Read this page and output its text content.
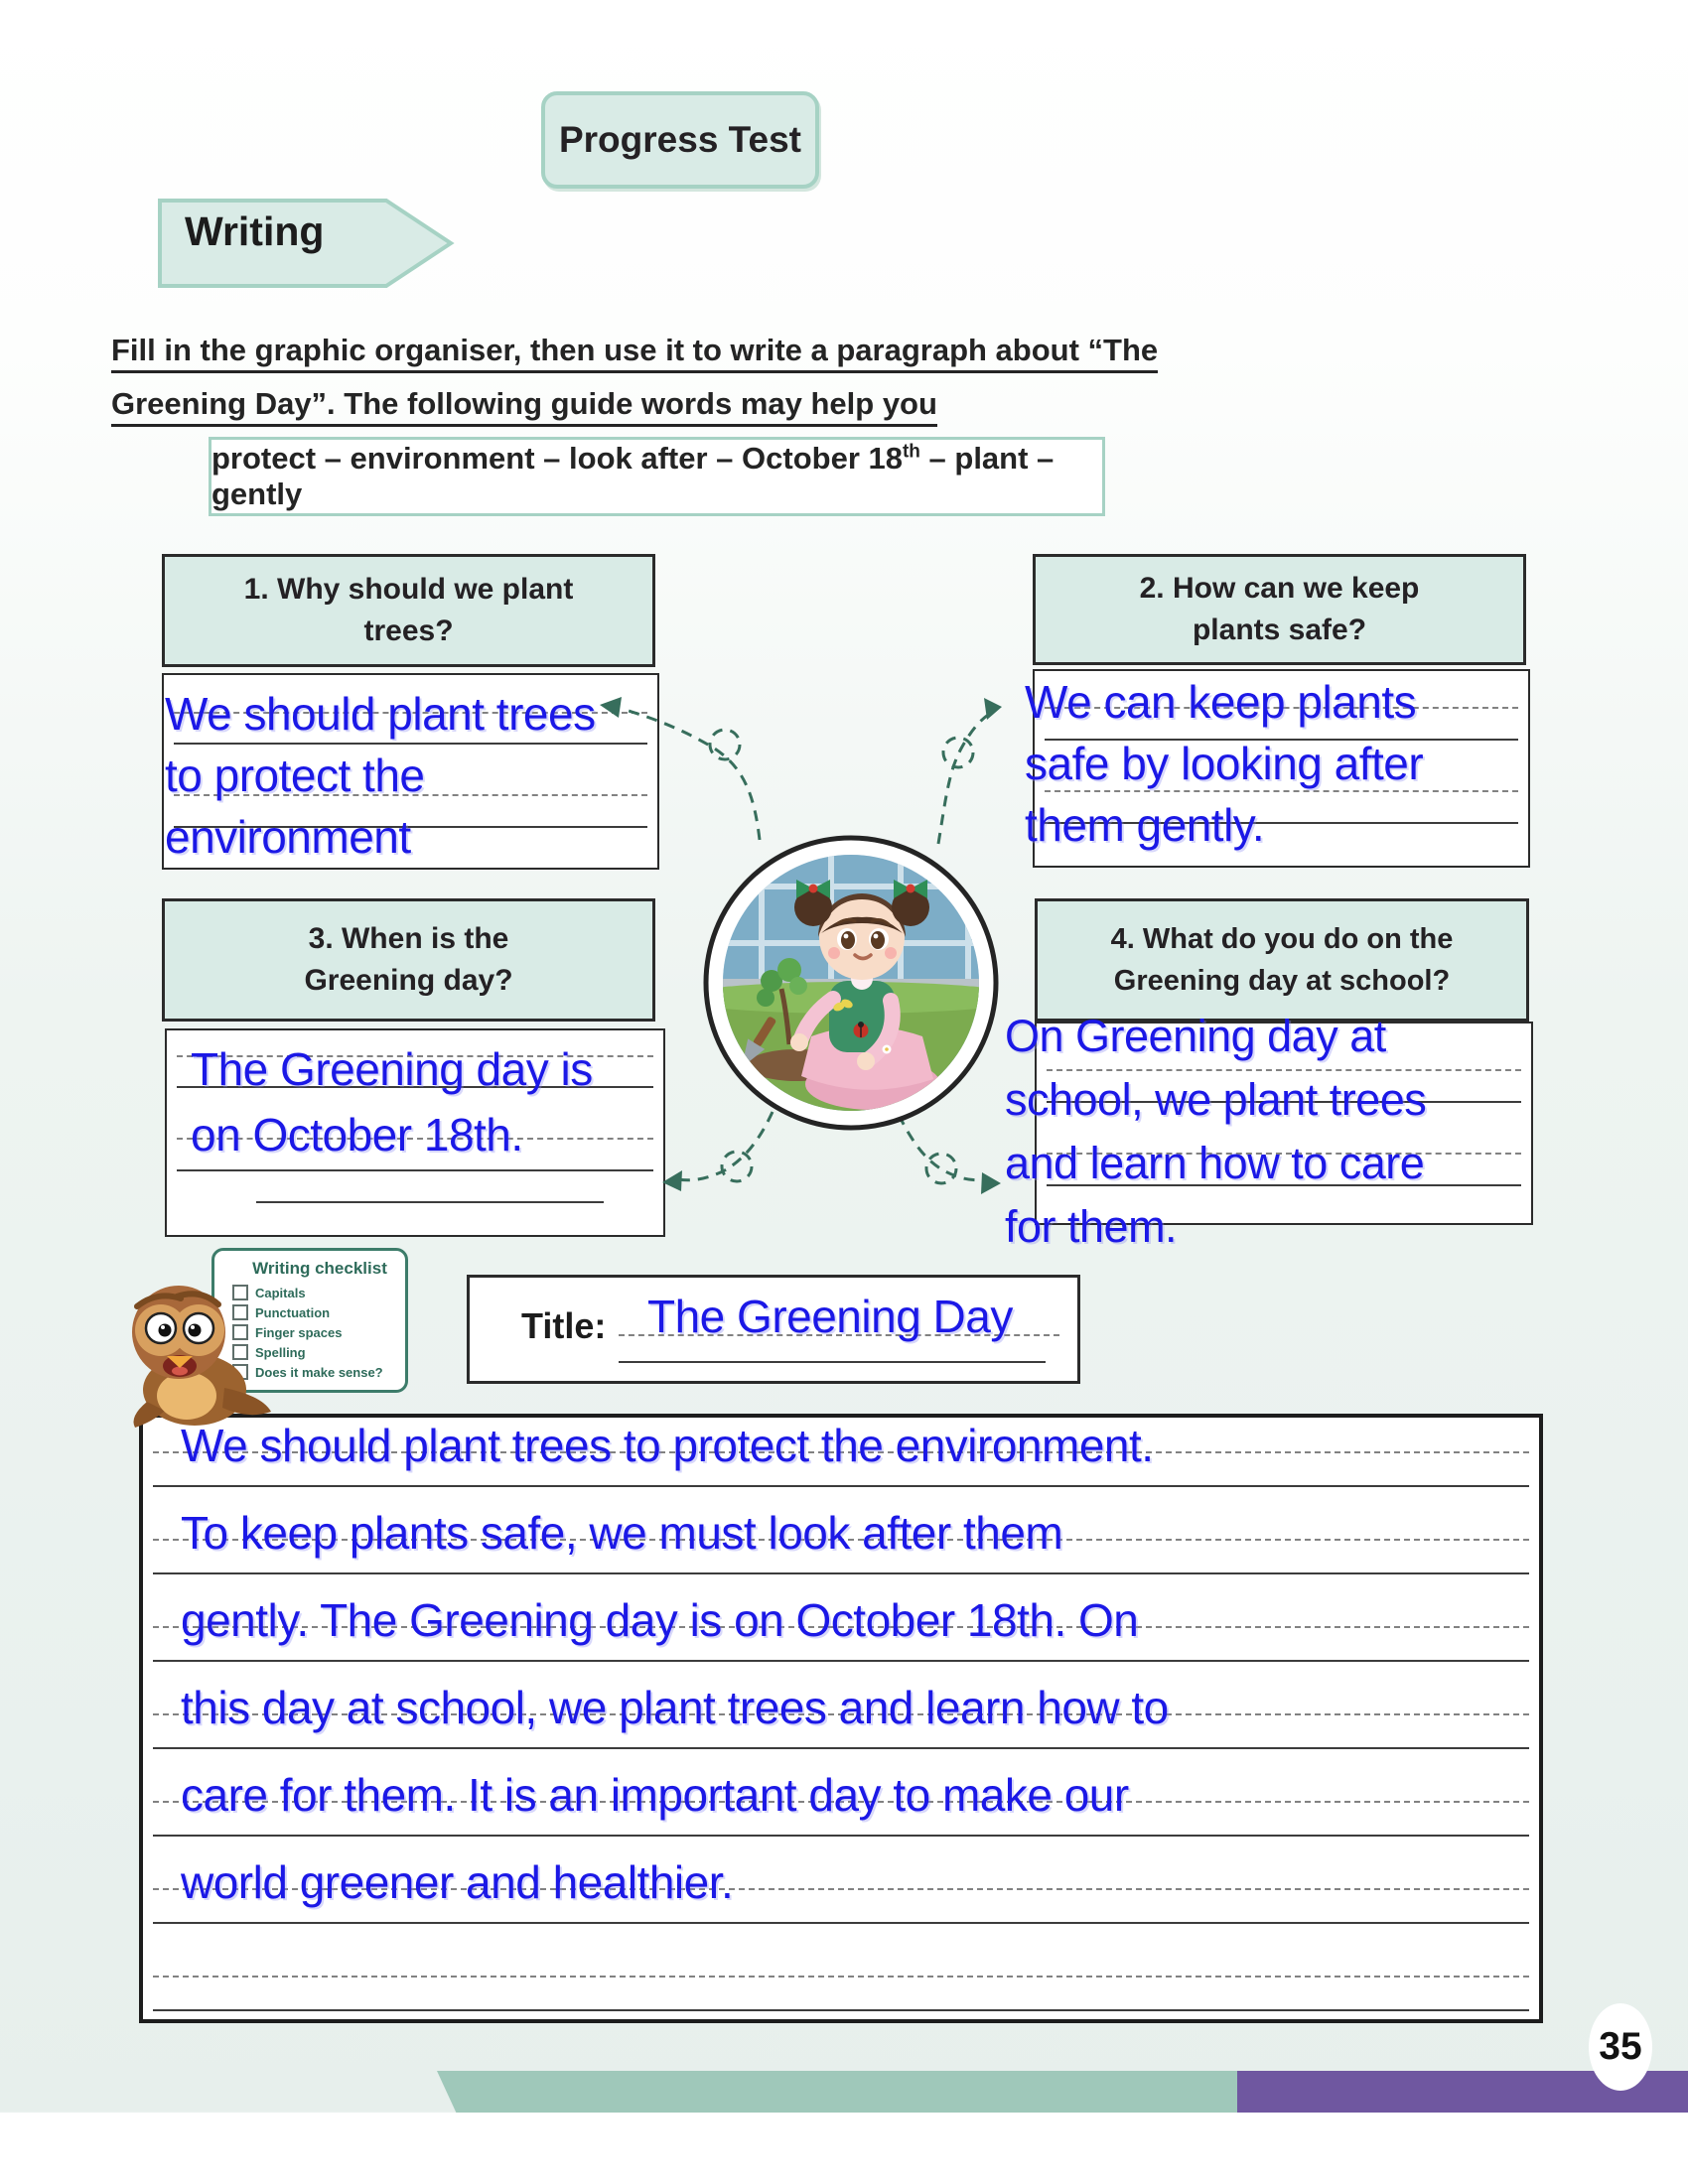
Progress Test
Writing
Fill in the graphic organiser, then use it to write a paragraph about “The
Greening Day”. The following guide words may help you
protect – environment – look after – October 18th – plant – gently
1. Why should we plant
trees?
We should plant trees
to protect the
environment
2. How can we keep
plants safe?
We can keep plants
safe by looking after
them gently.
3. When is the
Greening day?
The Greening day is
on October 18th.
4. What do you do on the
Greening day at school?
On Greening day at
school, we plant trees
and learn how to care
for them.
Writing checklist
Capitals
Punctuation
Finger spaces
Spelling
Does it make sense?
Title: The Greening Day
We should plant trees to protect the environment.
To keep plants safe, we must look after them
gently. The Greening day is on October 18th. On
this day at school, we plant trees and learn how to
care for them. It is an important day to make our
world greener and healthier.
35
